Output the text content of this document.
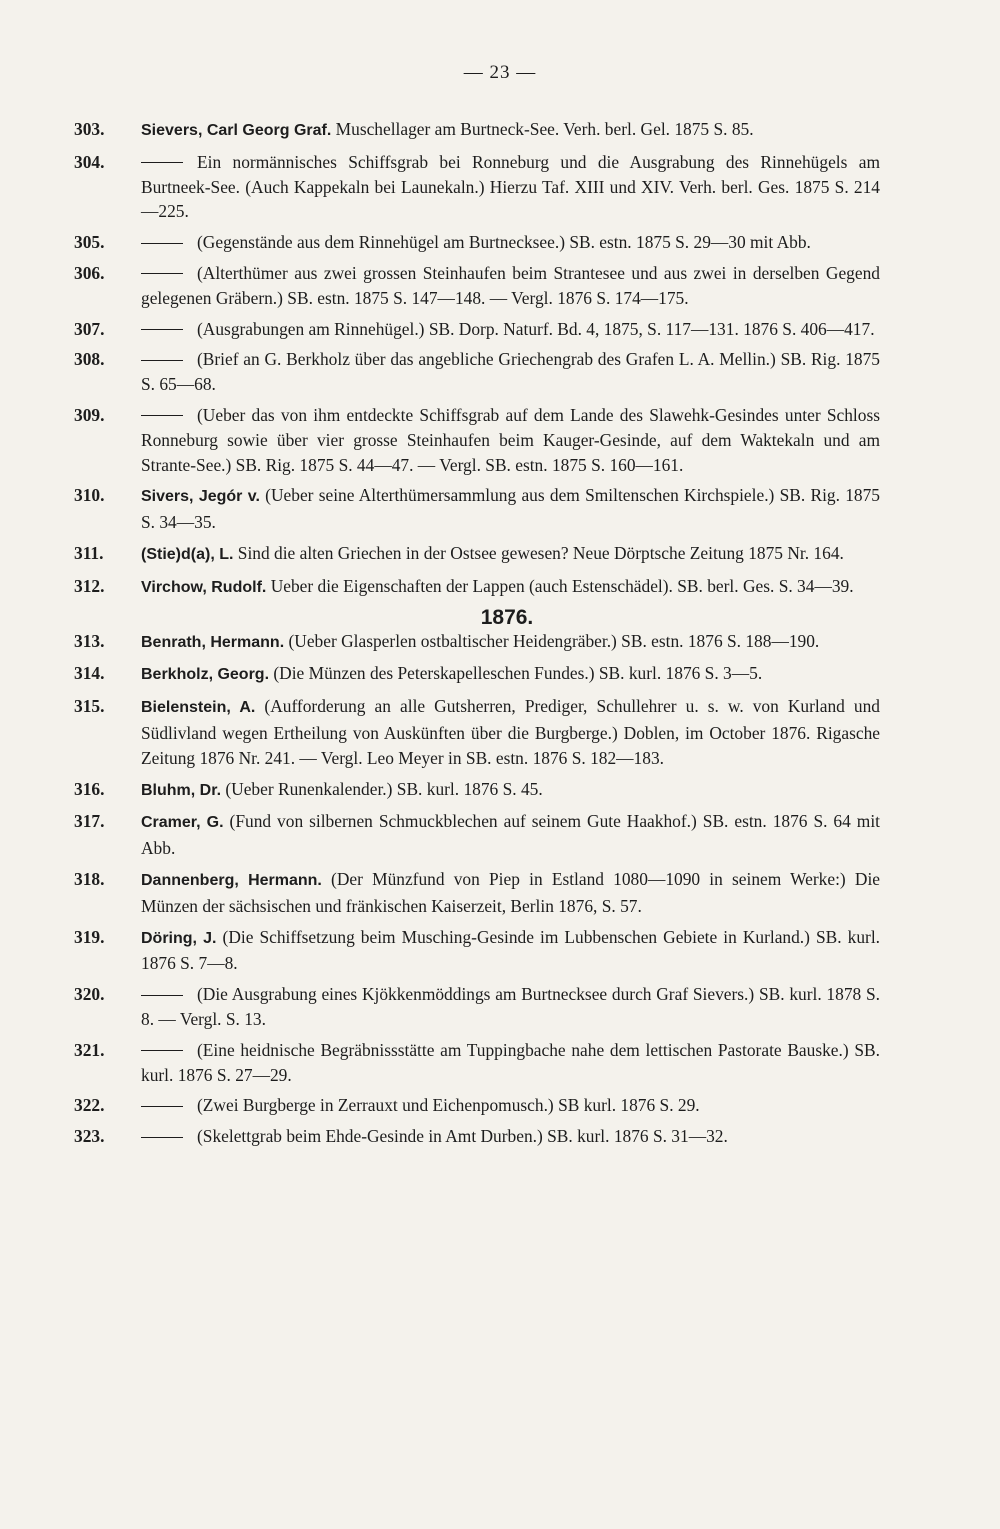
— 23 —
303. Sievers, Carl Georg Graf. Muschellager am Burtneck-See. Verh. berl. Gel. 1875 S. 85.
304.	Ein normännisches Schiffsgrab bei Ronneburg und die Ausgrabung des Rinnehügels am Burtneek-See. (Auch Kappekaln bei Launekaln.) Hierzu Taf. XIII und XIV. Verh. berl. Ges. 1875 S. 214—225.
305.	(Gegenstände aus dem Rinnehügel am Burtnecksee.) SB. estn. 1875 S. 29—30 mit Abb.
306.	(Alterthümer aus zwei grossen Steinhaufen beim Strantesee und aus zwei in derselben Gegend gelegenen Gräbern.) SB. estn. 1875 S. 147—148. — Vergl. 1876 S. 174—175.
307.	(Ausgrabungen am Rinnehügel.) SB. Dorp. Naturf. Bd. 4, 1875, S. 117—131. 1876 S. 406—417.
308.	(Brief an G. Berkholz über das angebliche Griechengrab des Grafen L. A. Mellin.) SB. Rig. 1875 S. 65—68.
309.	(Ueber das von ihm entdeckte Schiffsgrab auf dem Lande des Slawehk-Gesindes unter Schloss Ronneburg sowie über vier grosse Steinhaufen beim Kauger-Gesinde, auf dem Waktekaln und am Strante-See.) SB. Rig. 1875 S. 44—47. — Vergl. SB. estn. 1875 S. 160—161.
310. Sivers, Jegór v. (Ueber seine Alterthümersammlung aus dem Smiltenschen Kirchspiele.) SB. Rig. 1875 S. 34—35.
311. (Stie)d(a), L. Sind die alten Griechen in der Ostsee gewesen? Neue Dörptsche Zeitung 1875 Nr. 164.
312. Virchow, Rudolf. Ueber die Eigenschaften der Lappen (auch Estenschädel). SB. berl. Ges. S. 34—39.
1876.
313. Benrath, Hermann. (Ueber Glasperlen ostbaltischer Heidengräber.) SB. estn. 1876 S. 188—190.
314. Berkholz, Georg. (Die Münzen des Peterskapelleschen Fundes.) SB. kurl. 1876 S. 3—5.
315. Bielenstein, A. (Aufforderung an alle Gutsherren, Prediger, Schullehrer u. s. w. von Kurland und Südlivland wegen Ertheilung von Auskünften über die Burgberge.) Doblen, im October 1876. Rigasche Zeitung 1876 Nr. 241. — Vergl. Leo Meyer in SB. estn. 1876 S. 182—183.
316. Bluhm, Dr. (Ueber Runenkalender.) SB. kurl. 1876 S. 45.
317. Cramer, G. (Fund von silbernen Schmuckblechen auf seinem Gute Haakhof.) SB. estn. 1876 S. 64 mit Abb.
318. Dannenberg, Hermann. (Der Münzfund von Piep in Estland 1080—1090 in seinem Werke:) Die Münzen der sächsischen und fränkischen Kaiserzeit, Berlin 1876, S. 57.
319. Döring, J. (Die Schiffsetzung beim Musching-Gesinde im Lubbenschen Gebiete in Kurland.) SB. kurl. 1876 S. 7—8.
320.	(Die Ausgrabung eines Kjökkenmöddings am Burtnecksee durch Graf Sievers.) SB. kurl. 1878 S. 8. — Vergl. S. 13.
321.	(Eine heidnische Begräbnissstätte am Tuppingbache nahe dem lettischen Pastorate Bauske.) SB. kurl. 1876 S. 27—29.
322.	(Zwei Burgberge in Zerrauxt und Eichenpomusch.) SB kurl. 1876 S. 29.
323.	(Skelettgrab beim Ehde-Gesinde in Amt Durben.) SB. kurl. 1876 S. 31—32.
